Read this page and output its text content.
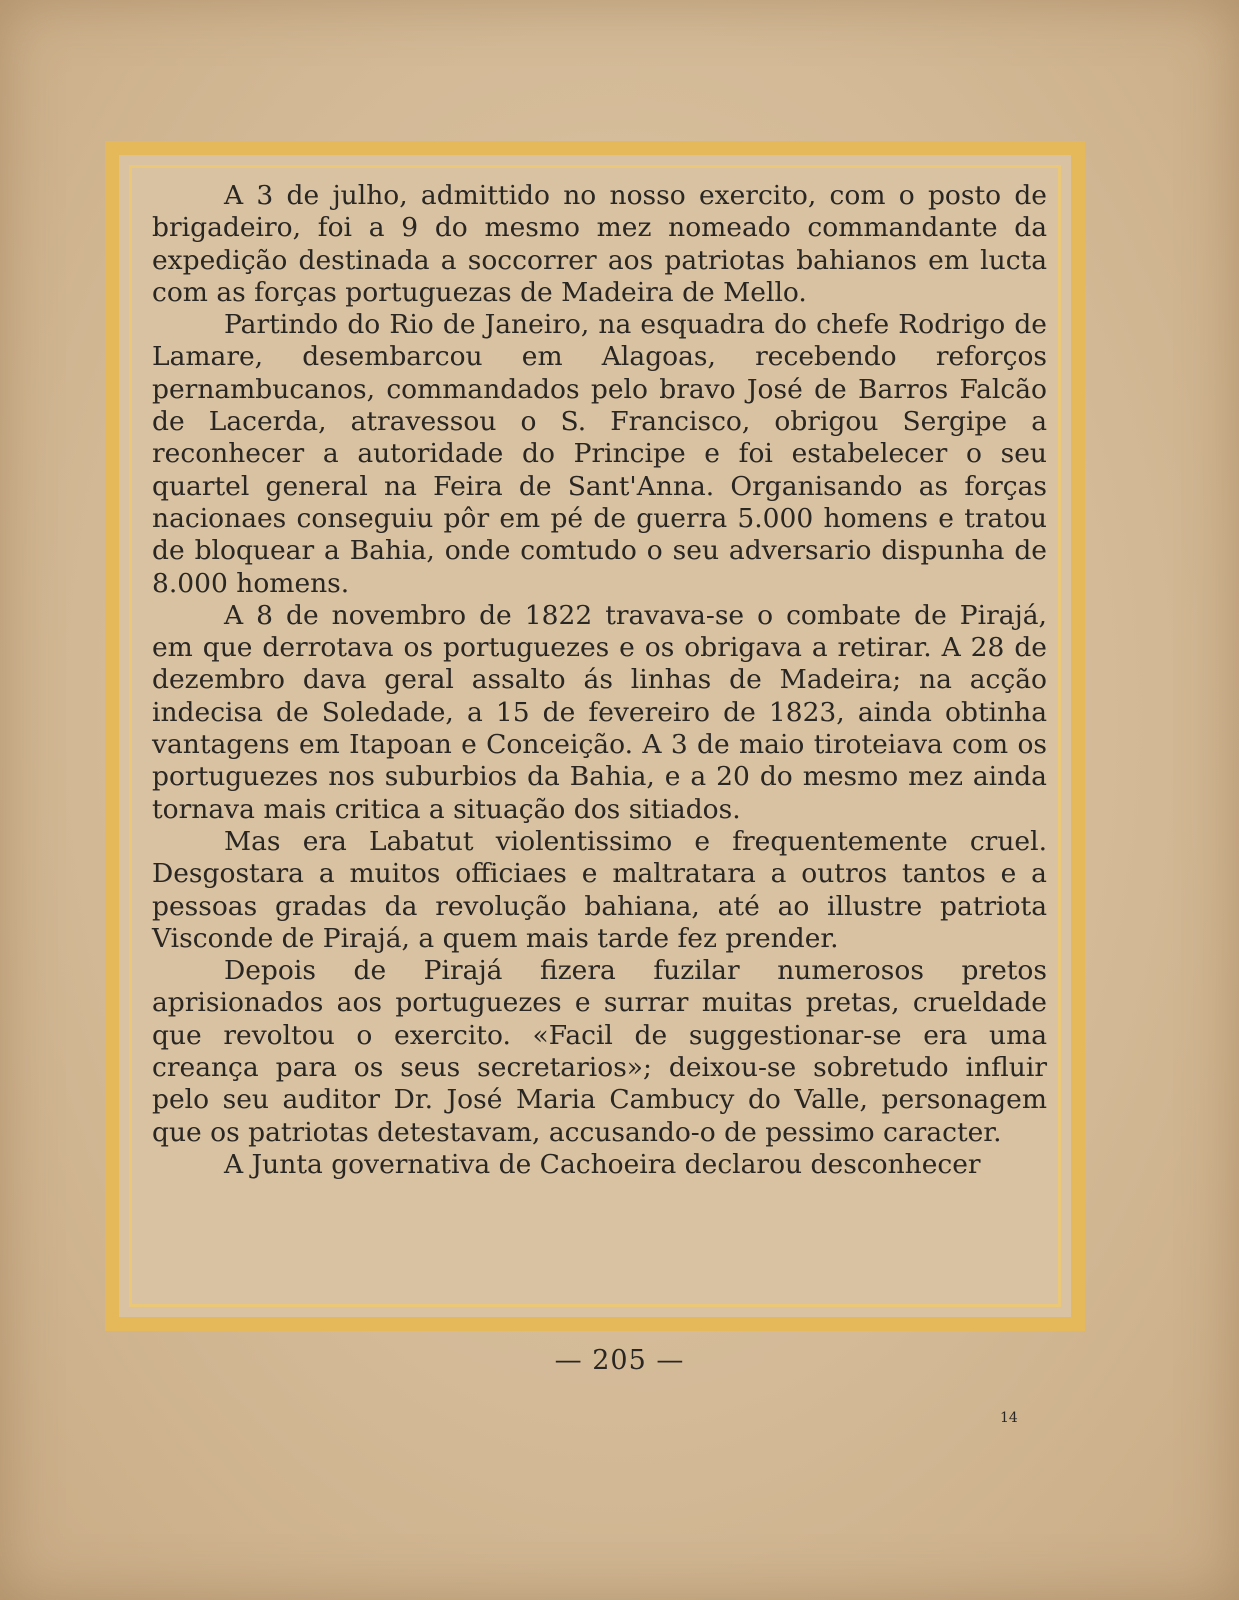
A 3 de julho, admittido no nosso exercito, com o posto de brigadeiro, foi a 9 do mesmo mez nomeado commandante da expedição destinada a soccorrer aos patriotas bahianos em lucta com as forças portuguezas de Madeira de Mello.

Partindo do Rio de Janeiro, na esquadra do chefe Rodrigo de Lamare, desembarcou em Alagoas, recebendo reforços pernambucanos, commandados pelo bravo José de Barros Falcão de Lacerda, atravessou o S. Francisco, obrigou Sergipe a reconhecer a autoridade do Principe e foi estabelecer o seu quartel general na Feira de Sant'Anna. Organisando as forças nacionaes conseguiu pôr em pé de guerra 5.000 homens e tratou de bloquear a Bahia, onde comtudo o seu adversario dispunha de 8.000 homens.

A 8 de novembro de 1822 travava-se o combate de Pirajá, em que derrotava os portuguezes e os obrigava a retirar. A 28 de dezembro dava geral assalto ás linhas de Madeira; na acção indecisa de Soledade, a 15 de fevereiro de 1823, ainda obtinha vantagens em Itapoan e Conceição. A 3 de maio tiroteiava com os portuguezes nos suburbios da Bahia, e a 20 do mesmo mez ainda tornava mais critica a situação dos sitiados.

Mas era Labatut violentissimo e frequentemente cruel. Desgostara a muitos officiaes e maltratara a outros tantos e a pessoas gradas da revolução bahiana, até ao illustre patriota Visconde de Pirajá, a quem mais tarde fez prender.

Depois de Pirajá fizera fuzilar numerosos pretos aprisionados aos portuguezes e surrar muitas pretas, crueldade que revoltou o exercito. «Facil de suggestionar-se era uma creança para os seus secretarios»; deixou-se sobretudo influir pelo seu auditor Dr. José Maria Cambucy do Valle, personagem que os patriotas detestavam, accusando-o de pessimo caracter.

A Junta governativa de Cachoeira declarou desconhecer

— 205 —
14
